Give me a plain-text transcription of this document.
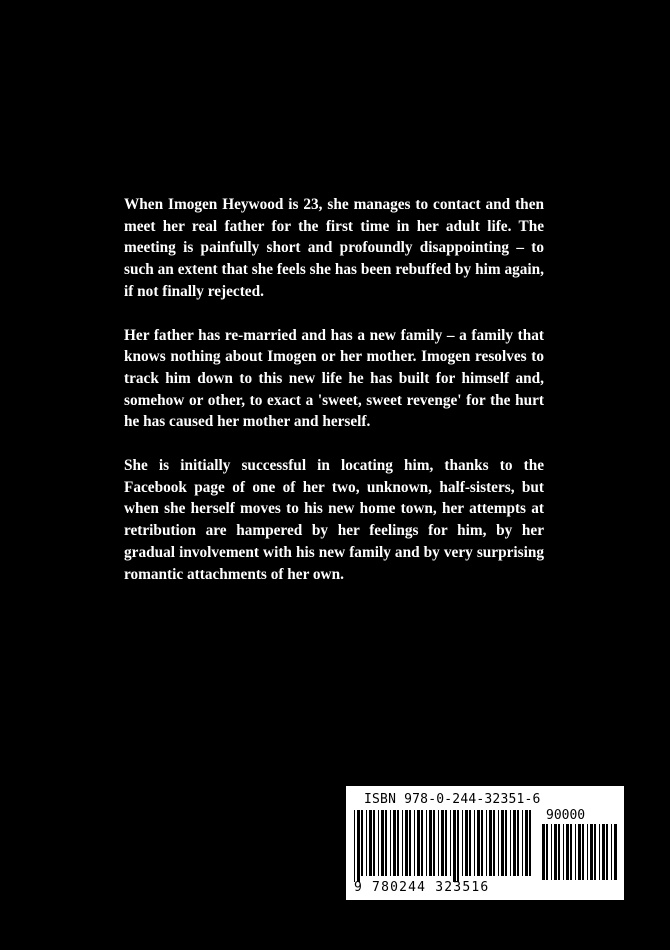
When Imogen Heywood is 23, she manages to contact and then meet her real father for the first time in her adult life. The meeting is painfully short and profoundly disappointing – to such an extent that she feels she has been rebuffed by him again, if not finally rejected.

Her father has re-married and has a new family – a family that knows nothing about Imogen or her mother. Imogen resolves to track him down to this new life he has built for himself and, somehow or other, to exact a 'sweet, sweet revenge' for the hurt he has caused her mother and herself.

She is initially successful in locating him, thanks to the Facebook page of one of her two, unknown, half-sisters, but when she herself moves to his new home town, her attempts at retribution are hampered by her feelings for him, by her gradual involvement with his new family and by very surprising romantic attachments of her own.

ISBN 978-0-244-32351-6
90000
9 780244 323516
